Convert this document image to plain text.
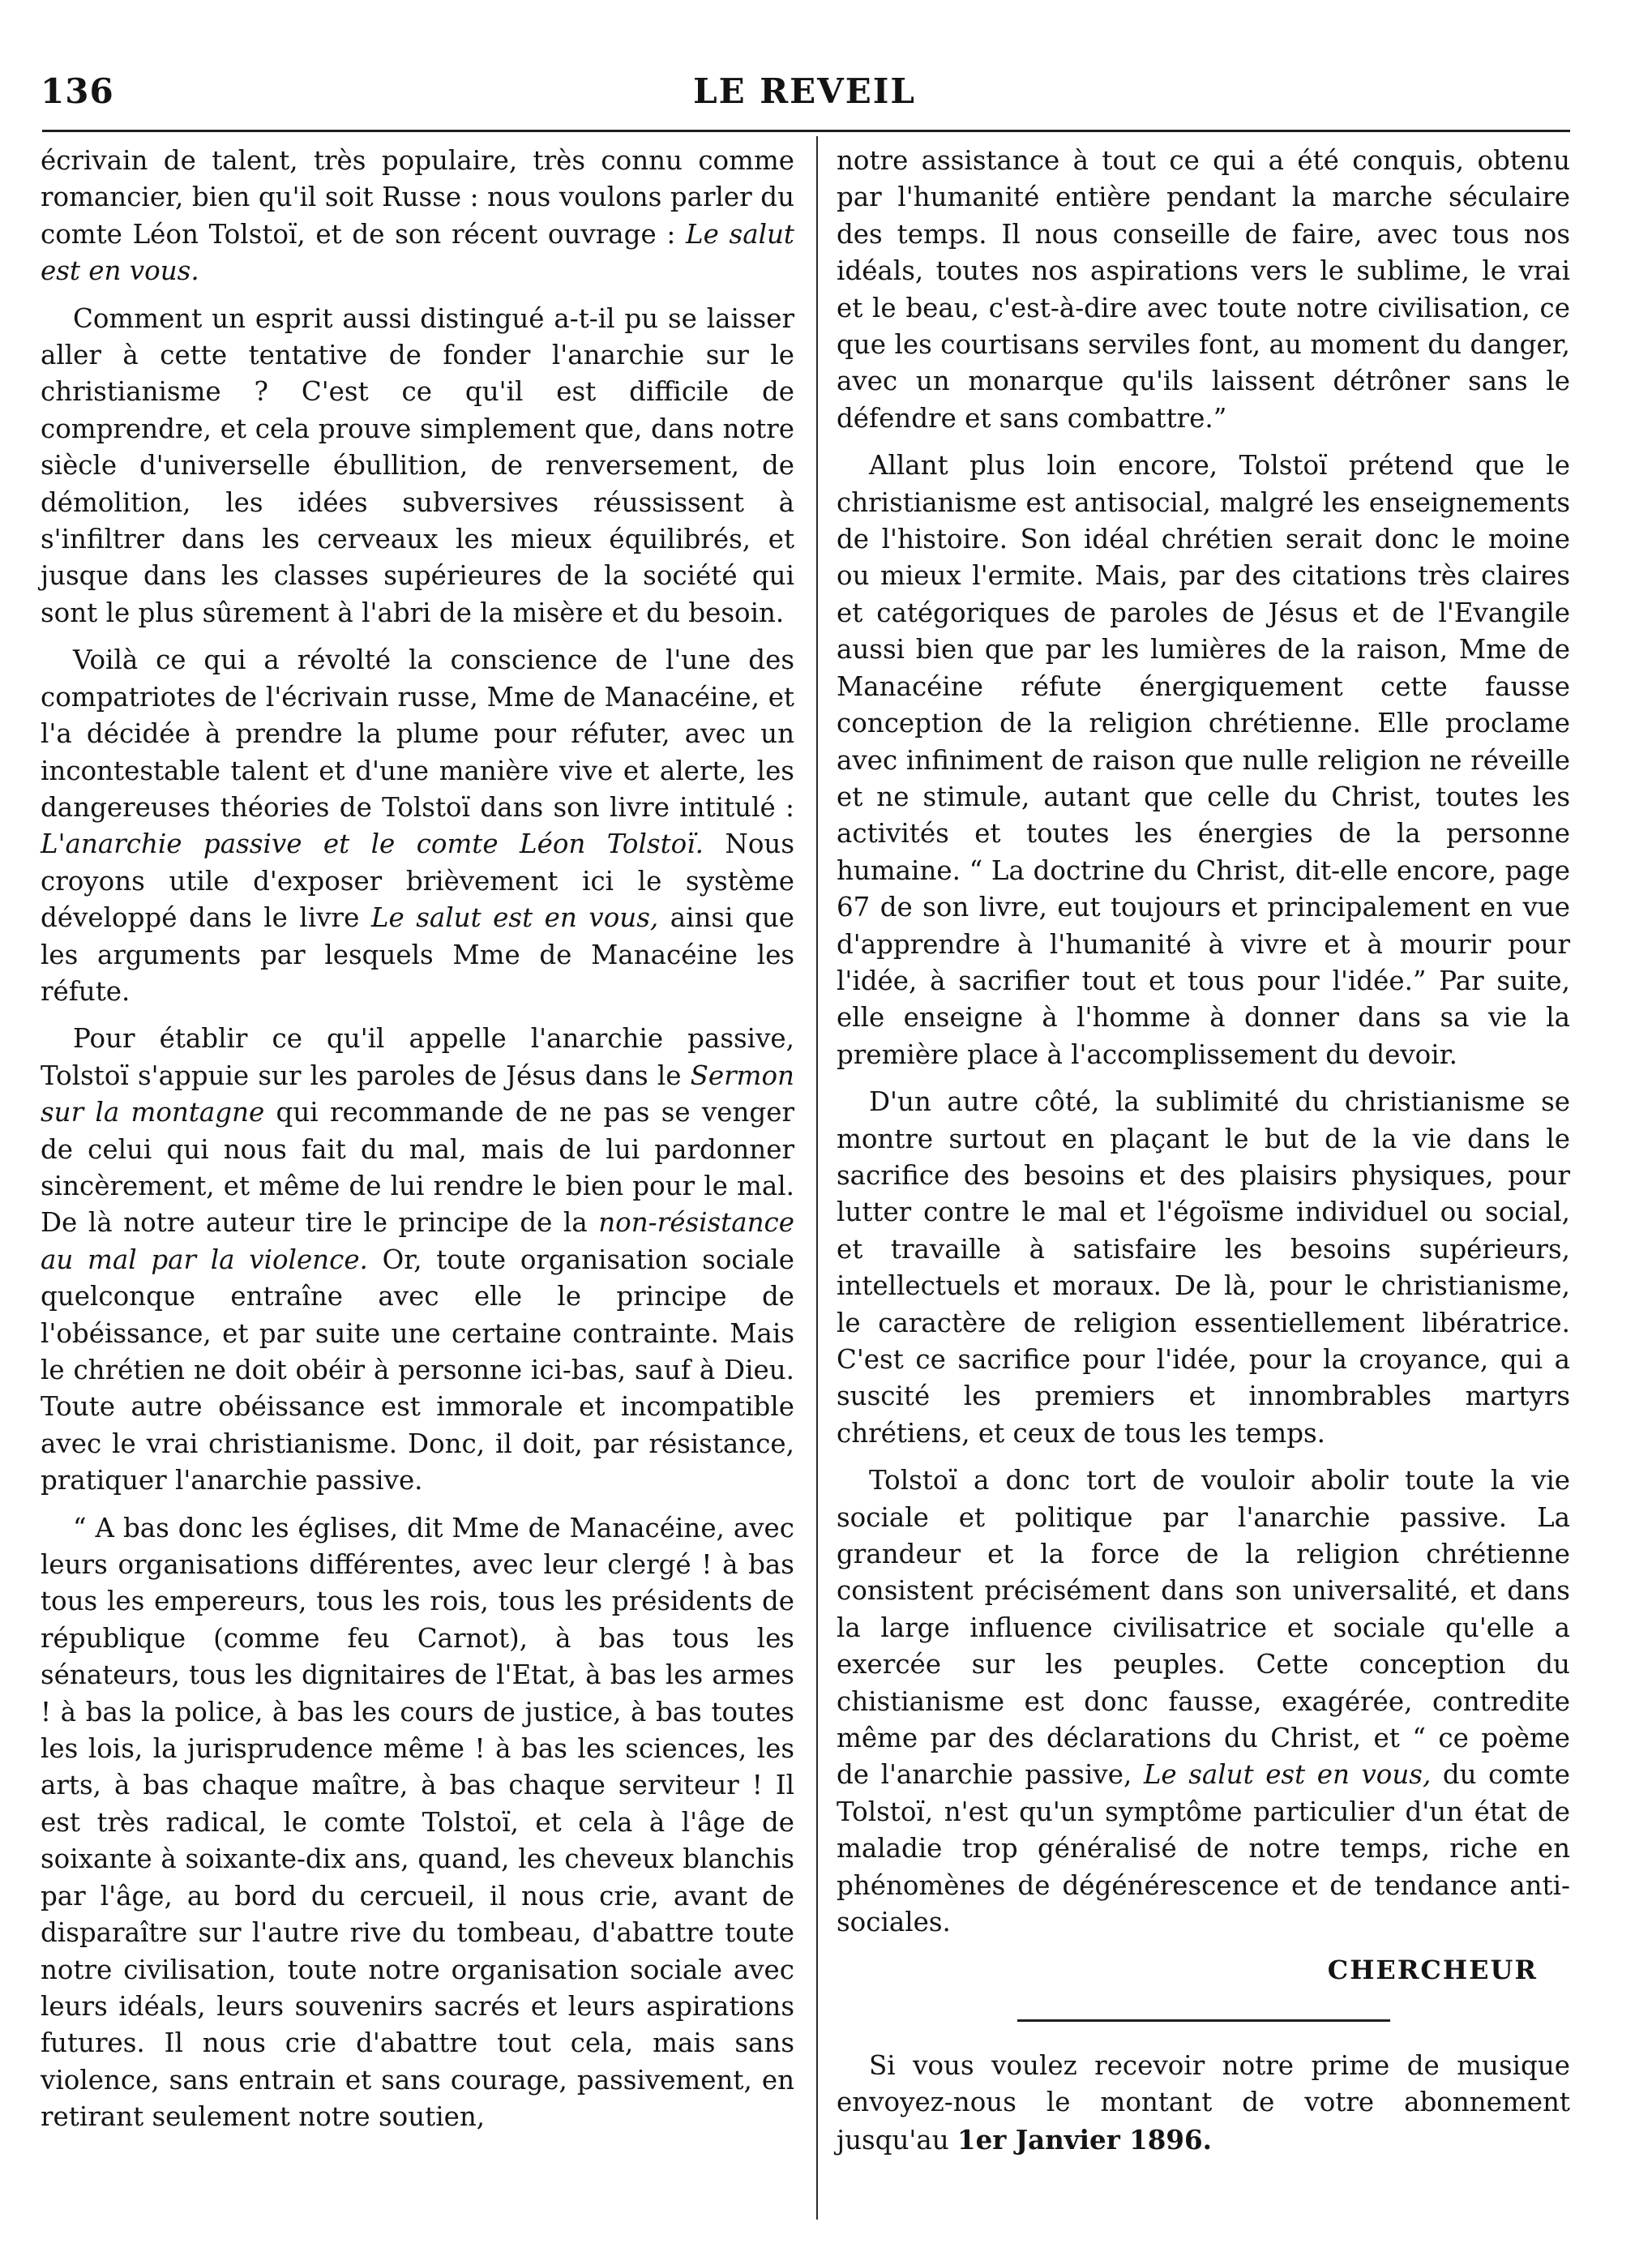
136	LE REVEIL

écrivain de talent, très populaire, très connu comme romancier, bien qu'il soit Russe : nous voulons parler du comte Léon Tolstoï, et de son récent ouvrage : Le salut est en vous.

Comment un esprit aussi distingué a-t-il pu se laisser aller à cette tentative de fonder l'anarchie sur le christianisme ? C'est ce qu'il est difficile de comprendre, et cela prouve simplement que, dans notre siècle d'universelle ébullition, de renversement, de démolition, les idées subversives réussissent à s'infiltrer dans les cerveaux les mieux équilibrés, et jusque dans les classes supérieures de la société qui sont le plus sûrement à l'abri de la misère et du besoin.

Voilà ce qui a révolté la conscience de l'une des compatriotes de l'écrivain russe, Mme de Manacéine, et l'a décidée à prendre la plume pour réfuter, avec un incontestable talent et d'une manière vive et alerte, les dangereuses théories de Tolstoï dans son livre intitulé : L'anarchie passive et le comte Léon Tolstoï. Nous croyons utile d'exposer brièvement ici le système développé dans le livre Le salut est en vous, ainsi que les arguments par lesquels Mme de Manacéine les réfute.

Pour établir ce qu'il appelle l'anarchie passive, Tolstoï s'appuie sur les paroles de Jésus dans le Sermon sur la montagne qui recommande de ne pas se venger de celui qui nous fait du mal, mais de lui pardonner sincèrement, et même de lui rendre le bien pour le mal. De là notre auteur tire le principe de la non-résistance au mal par la violence. Or, toute organisation sociale quelconque entraîne avec elle le principe de l'obéissance, et par suite une certaine contrainte. Mais le chrétien ne doit obéir à personne ici-bas, sauf à Dieu. Toute autre obéissance est immorale et incompatible avec le vrai christianisme. Donc, il doit, par résistance, pratiquer l'anarchie passive.

“ A bas donc les églises, dit Mme de Manacéine, avec leurs organisations différentes, avec leur clergé ! à bas tous les empereurs, tous les rois, tous les présidents de république (comme feu Carnot), à bas tous les sénateurs, tous les dignitaires de l'Etat, à bas les armes ! à bas la police, à bas les cours de justice, à bas toutes les lois, la jurisprudence même ! à bas les sciences, les arts, à bas chaque maître, à bas chaque serviteur ! Il est très radical, le comte Tolstoï, et cela à l'âge de soixante à soixante-dix ans, quand, les cheveux blanchis par l'âge, au bord du cercueil, il nous crie, avant de disparaître sur l'autre rive du tombeau, d'abattre toute notre civilisation, toute notre organisation sociale avec leurs idéals, leurs souvenirs sacrés et leurs aspirations futures. Il nous crie d'abattre tout cela, mais sans violence, sans entrain et sans courage, passivement, en retirant seulement notre soutien,

notre assistance à tout ce qui a été conquis, obtenu par l'humanité entière pendant la marche séculaire des temps. Il nous conseille de faire, avec tous nos idéals, toutes nos aspirations vers le sublime, le vrai et le beau, c'est-à-dire avec toute notre civilisation, ce que les courtisans serviles font, au moment du danger, avec un monarque qu'ils laissent détrôner sans le défendre et sans combattre.”

Allant plus loin encore, Tolstoï prétend que le christianisme est antisocial, malgré les enseignements de l'histoire. Son idéal chrétien serait donc le moine ou mieux l'ermite. Mais, par des citations très claires et catégoriques de paroles de Jésus et de l'Evangile aussi bien que par les lumières de la raison, Mme de Manacéine réfute énergiquement cette fausse conception de la religion chrétienne. Elle proclame avec infiniment de raison que nulle religion ne réveille et ne stimule, autant que celle du Christ, toutes les activités et toutes les énergies de la personne humaine. “ La doctrine du Christ, dit-elle encore, page 67 de son livre, eut toujours et principalement en vue d'apprendre à l'humanité à vivre et à mourir pour l'idée, à sacrifier tout et tous pour l'idée.” Par suite, elle enseigne à l'homme à donner dans sa vie la première place à l'accomplissement du devoir.

D'un autre côté, la sublimité du christianisme se montre surtout en plaçant le but de la vie dans le sacrifice des besoins et des plaisirs physiques, pour lutter contre le mal et l'égoïsme individuel ou social, et travaille à satisfaire les besoins supérieurs, intellectuels et moraux. De là, pour le christianisme, le caractère de religion essentiellement libératrice. C'est ce sacrifice pour l'idée, pour la croyance, qui a suscité les premiers et innombrables martyrs chrétiens, et ceux de tous les temps.

Tolstoï a donc tort de vouloir abolir toute la vie sociale et politique par l'anarchie passive. La grandeur et la force de la religion chrétienne consistent précisément dans son universalité, et dans la large influence civilisatrice et sociale qu'elle a exercée sur les peuples. Cette conception du chistianisme est donc fausse, exagérée, contredite même par des déclarations du Christ, et “ ce poème de l'anarchie passive, Le salut est en vous, du comte Tolstoï, n'est qu'un symptôme particulier d'un état de maladie trop généralisé de notre temps, riche en phénomènes de dégénérescence et de tendance anti-sociales.

CHERCHEUR

Si vous voulez recevoir notre prime de musique envoyez-nous le montant de votre abonnement jusqu'au 1er Janvier 1896.
